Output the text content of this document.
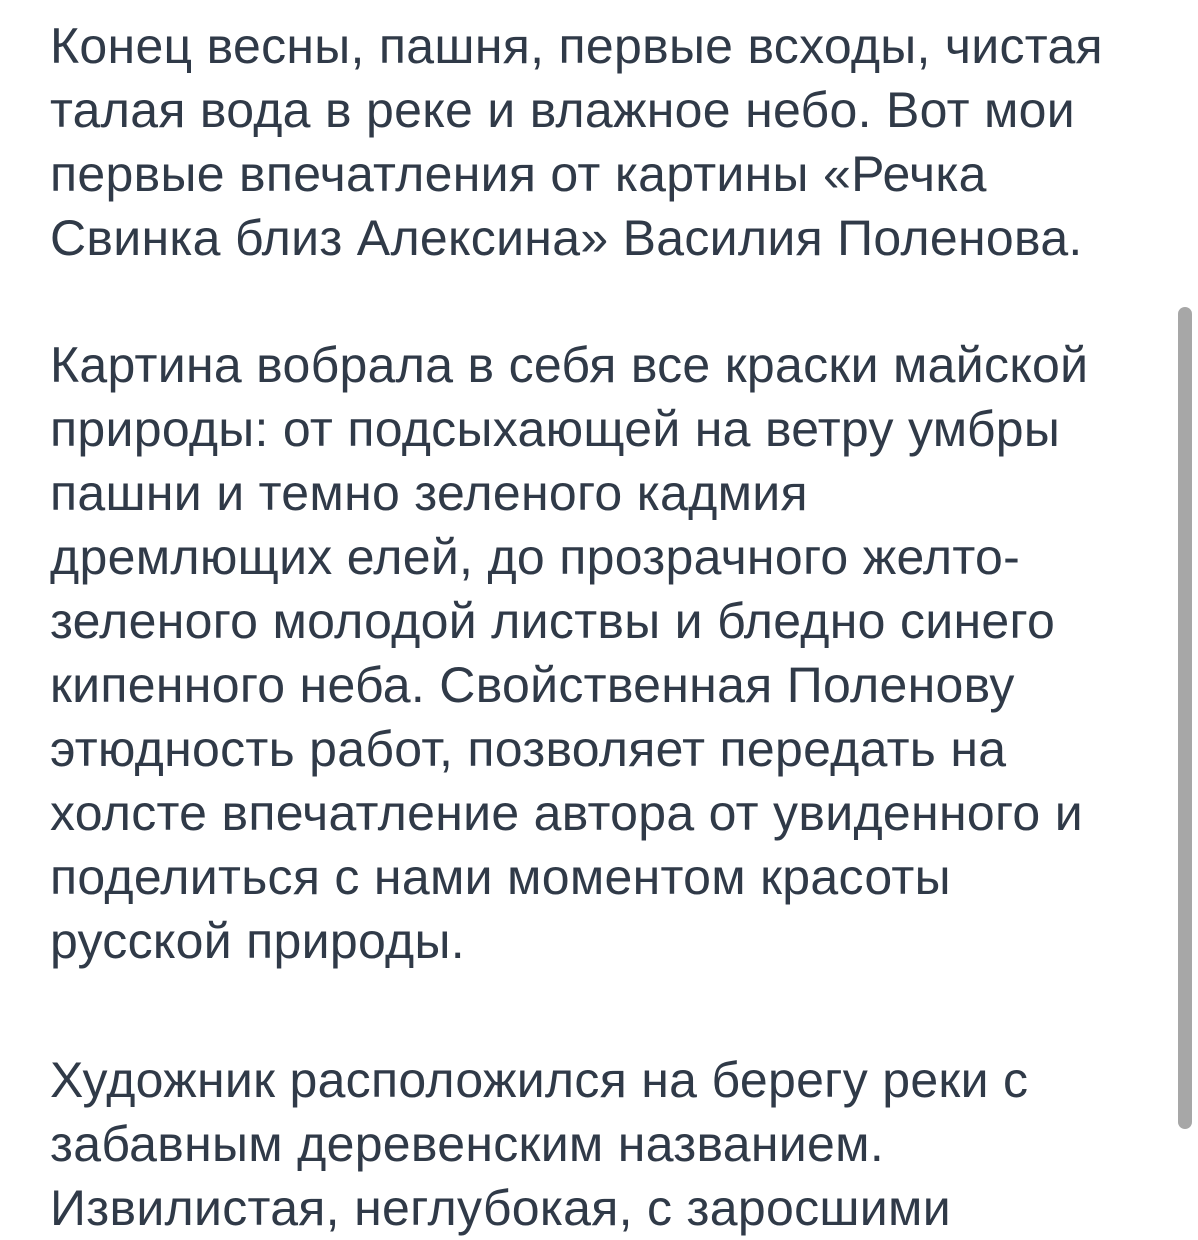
Конец весны, пашня, первые всходы, чистая
талая вода в реке и влажное небо. Вот мои
первые впечатления от картины «Речка
Свинка близ Алексина» Василия Поленова.

Картина вобрала в себя все краски майской
природы: от подсыхающей на ветру умбры
пашни и темно зеленого кадмия
дремлющих елей, до прозрачного желто-
зеленого молодой листвы и бледно синего
кипенного неба. Свойственная Поленову
этюдность работ, позволяет передать на
холсте впечатление автора от увиденного и
поделиться с нами моментом красоты
русской природы.

Художник расположился на берегу реки с
забавным деревенским названием.
Извилистая, неглубокая, с заросшими
